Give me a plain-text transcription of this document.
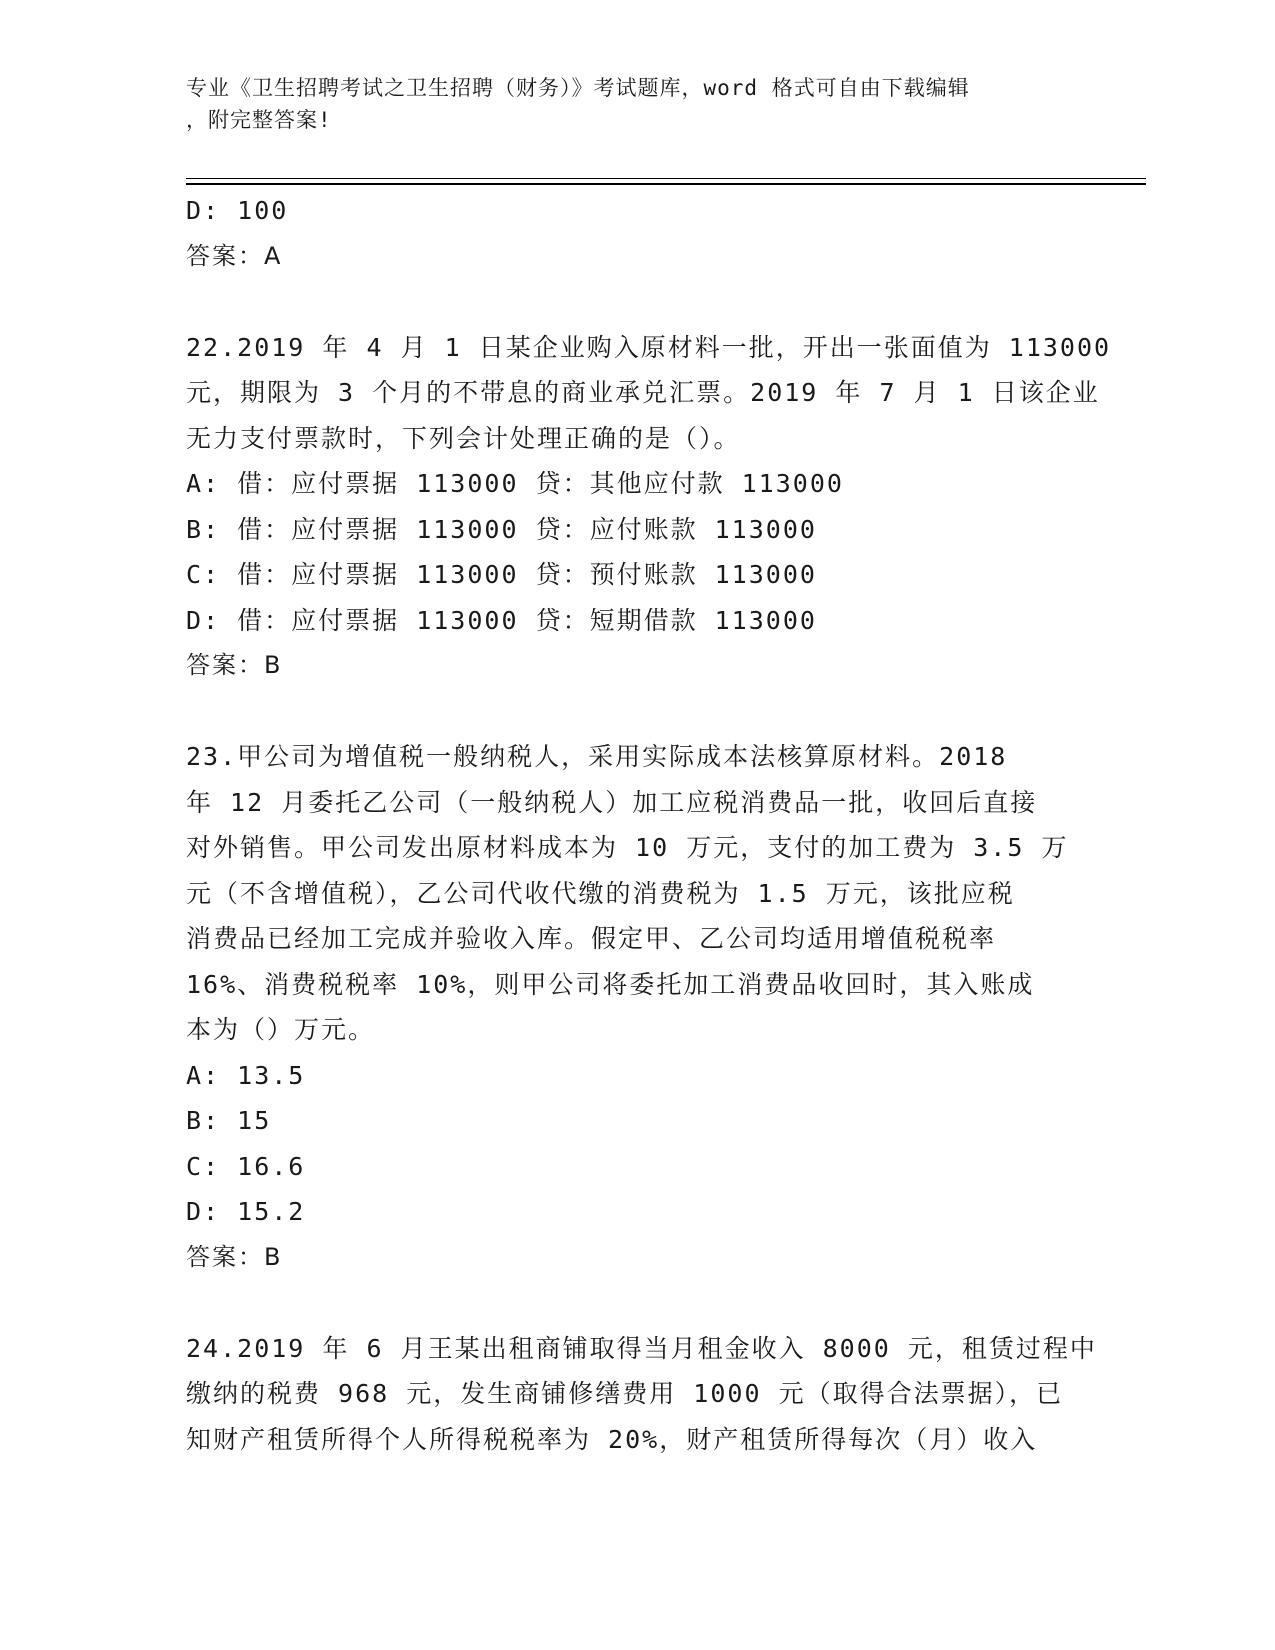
专业《卫生招聘考试之卫生招聘（财务）》考试题库，word 格式可自由下载编辑
，附完整答案!
D: 100
答案：A
22.2019 年 4 月 1 日某企业购入原材料一批，开出一张面值为 113000
元，期限为 3 个月的不带息的商业承兑汇票。2019 年 7 月 1 日该企业
无力支付票款时，下列会计处理正确的是（）。
A: 借：应付票据 113000 贷：其他应付款 113000
B: 借：应付票据 113000 贷：应付账款 113000
C: 借：应付票据 113000 贷：预付账款 113000
D: 借：应付票据 113000 贷：短期借款 113000
答案：B
23.甲公司为增值税一般纳税人，采用实际成本法核算原材料。2018
年 12 月委托乙公司（一般纳税人）加工应税消费品一批，收回后直接
对外销售。甲公司发出原材料成本为 10 万元，支付的加工费为 3.5 万
元（不含增值税），乙公司代收代缴的消费税为 1.5 万元，该批应税
消费品已经加工完成并验收入库。假定甲、乙公司均适用增值税税率
16%、消费税税率 10%，则甲公司将委托加工消费品收回时，其入账成
本为（）万元。
A: 13.5
B: 15
C: 16.6
D: 15.2
答案：B
24.2019 年 6 月王某出租商铺取得当月租金收入 8000 元，租赁过程中
缴纳的税费 968 元，发生商铺修缮费用 1000 元（取得合法票据），已
知财产租赁所得个人所得税税率为 20%，财产租赁所得每次（月）收入
